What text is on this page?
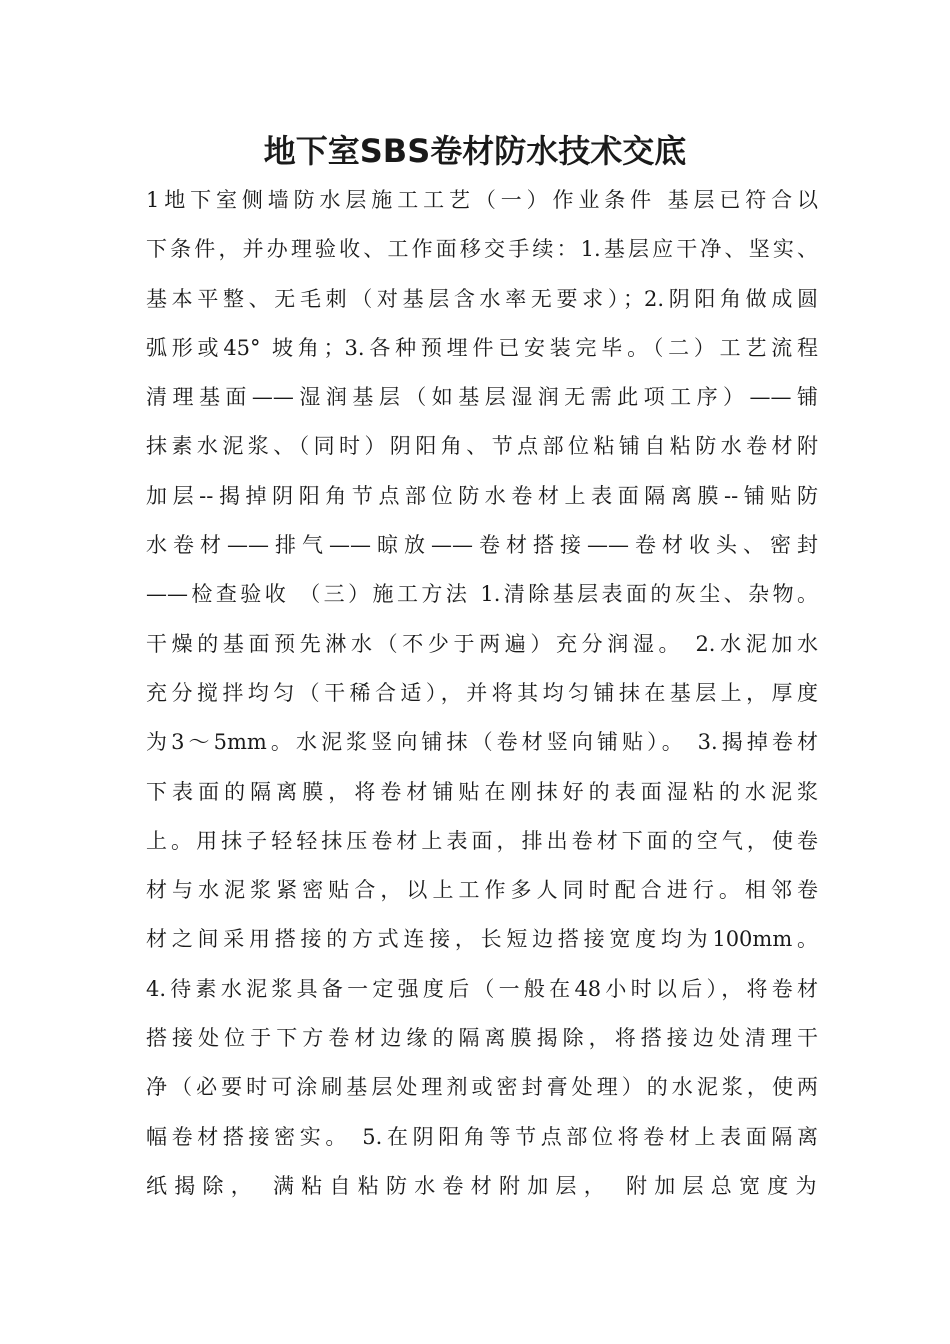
地下室SBS卷材防水技术交底
1地下室侧墙防水层施工工艺（一）作业条件 基层已符合以
下条件，并办理验收、工作面移交手续：1.基层应干净、坚实、
基本平整、无毛刺（对基层含水率无要求）；2.阴阳角做成圆
弧形或45° 坡角；3.各种预埋件已安装完毕。（二）工艺流程
清理基面——湿润基层（如基层湿润无需此项工序）——铺
抹素水泥浆、（同时）阴阳角、节点部位粘铺自粘防水卷材附
加层--揭掉阴阳角节点部位防水卷材上表面隔离膜--铺贴防
水卷材——排气——晾放——卷材搭接——卷材收头、密封
——检查验收 （三）施工方法 1.清除基层表面的灰尘、杂物。
干燥的基面预先淋水（不少于两遍）充分润湿。 2.水泥加水
充分搅拌均匀（干稀合适），并将其均匀铺抹在基层上，厚度
为3～5mm。水泥浆竖向铺抹（卷材竖向铺贴）。 3.揭掉卷材
下表面的隔离膜，将卷材铺贴在刚抹好的表面湿粘的水泥浆
上。用抹子轻轻抹压卷材上表面，排出卷材下面的空气，使卷
材与水泥浆紧密贴合，以上工作多人同时配合进行。相邻卷
材之间采用搭接的方式连接，长短边搭接宽度均为100mm。
4.待素水泥浆具备一定强度后（一般在48小时以后），将卷材
搭接处位于下方卷材边缘的隔离膜揭除，将搭接边处清理干
净（必要时可涂刷基层处理剂或密封膏处理）的水泥浆，使两
幅卷材搭接密实。 5.在阴阳角等节点部位将卷材上表面隔离
纸揭除， 满粘自粘防水卷材附加层， 附加层总宽度为
